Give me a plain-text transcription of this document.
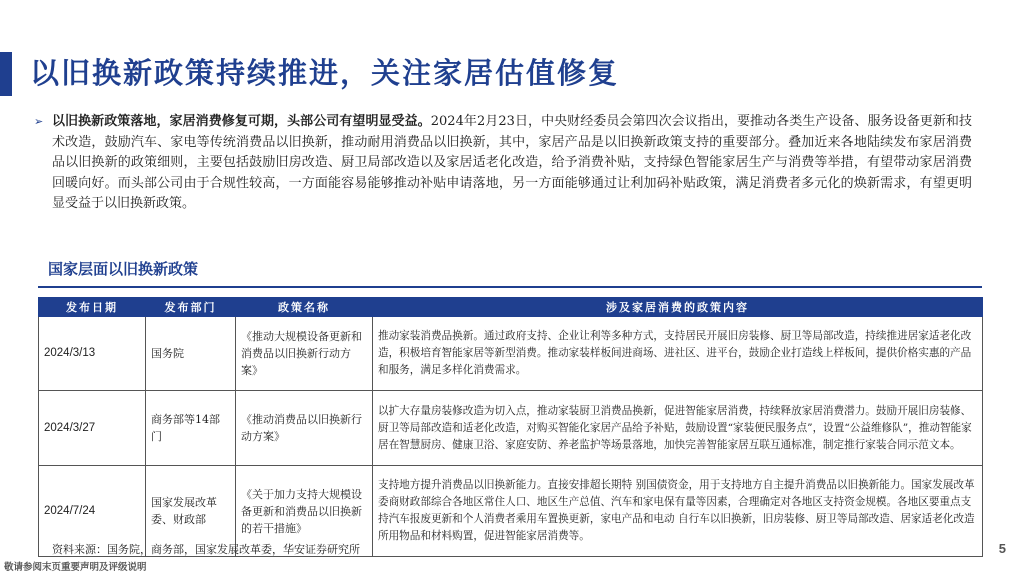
以旧换新政策持续推进，关注家居估值修复
➢ 以旧换新政策落地，家居消费修复可期，头部公司有望明显受益。2024年2月23日，中央财经委员会第四次会议指出，要推动各类生产设备、服务设备更新和技术改造，鼓励汽车、家电等传统消费品以旧换新，推动耐用消费品以旧换新，其中，家居产品是以旧换新政策支持的重要部分。叠加近来各地陆续发布家居消费品以旧换新的政策细则，主要包括鼓励旧房改造、厨卫局部改造以及家居适老化改造，给予消费补贴，支持绿色智能家居生产与消费等举措，有望带动家居消费回暖向好。而头部公司由于合规性较高，一方面能容易能够推动补贴申请落地，另一方面能够通过让利加码补贴政策，满足消费者多元化的焕新需求，有望更明显受益于以旧换新政策。
国家层面以旧换新政策
发布日期	发布部门	政策名称	涉及家居消费的政策内容
2024/3/13	国务院	《推动大规模设备更新和消费品以旧换新行动方案》	推动家装消费品换新。通过政府支持、企业让利等多种方式，支持居民开展旧房装修、厨卫等局部改造，持续推进居家适老化改造，积极培育智能家居等新型消费。推动家装样板间进商场、进社区、进平台，鼓励企业打造线上样板间，提供价格实惠的产品和服务，满足多样化消费需求。
2024/3/27	商务部等14部门	《推动消费品以旧换新行动方案》	以扩大存量房装修改造为切入点，推动家装厨卫消费品换新，促进智能家居消费，持续释放家居消费潜力。鼓励开展旧房装修、厨卫等局部改造和适老化改造，对购买智能化家居产品给予补贴，鼓励设置“家装便民服务点”，设置“公益维修队”，推动智能家居在智慧厨房、健康卫浴、家庭安防、养老监护等场景落地，加快完善智能家居互联互通标准，制定推行家装合同示范文本。
2024/7/24	国家发展改革委、财政部	《关于加力支持大规模设备更新和消费品以旧换新的若干措施》	支持地方提升消费品以旧换新能力。直接安排超长期特 别国债资金，用于支持地方自主提升消费品以旧换新能力。国家发展改革委商财政部综合各地区常住人口、地区生产总值、汽车和家电保有量等因素，合理确定对各地区支持资金规模。各地区要重点支持汽车报废更新和个人消费者乘用车置换更新，家电产品和电动 自行车以旧换新，旧房装修、厨卫等局部改造、居家适老化改造所用物品和材料购置，促进智能家居消费等。
资料来源：国务院，商务部，国家发展改革委，华安证券研究所
敬请参阅末页重要声明及评级说明
5
